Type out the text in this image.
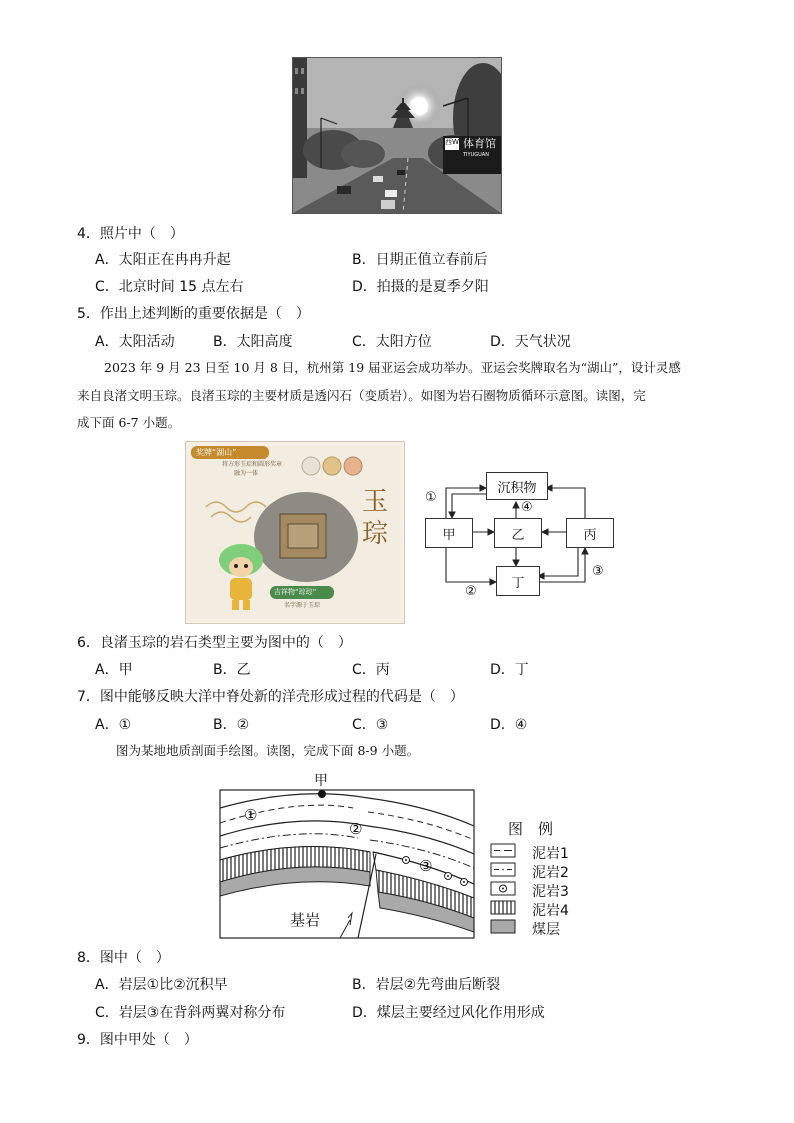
西W 体育馆
TIYUGUAN
4．照片中（　）
A．太阳正在冉冉升起	B．日期正值立春前后
C．北京时间 15 点左右	D．拍摄的是夏季夕阳
5．作出上述判断的重要依据是（　）
A．太阳活动	B．太阳高度	C．太阳方位	D．天气状况
2023 年 9 月 23 日至 10 月 8 日，杭州第 19 届亚运会成功举办。亚运会奖牌取名为“湖山”，设计灵感
来自良渚文明玉琮。良渚玉琮的主要材质是透闪石（变质岩）。如图为岩石圈物质循环示意图。读图，完
成下面 6-7 小题。
奖牌“湖山”
将方形玉琮和圆形奖章
融为一体
玉
琮
吉祥物“琮琮”
名字源于玉琮
沉积物
甲	乙	丙
丁
①
②
③
④
6．良渚玉琮的岩石类型主要为图中的（　）
A．甲	B．乙	C．丙	D．丁
7．图中能够反映大洋中脊处新的洋壳形成过程的代码是（　）
A．①	B．②	C．③	D．④
图为某地地质剖面手绘图。读图，完成下面 8-9 小题。
甲
①
②
③
基岩
图　例
泥岩1
泥岩2
泥岩3
泥岩4
煤层
8．图中（　）
A．岩层①比②沉积早	B．岩层②先弯曲后断裂
C．岩层③在背斜两翼对称分布	D．煤层主要经过风化作用形成
9．图中甲处（　）
